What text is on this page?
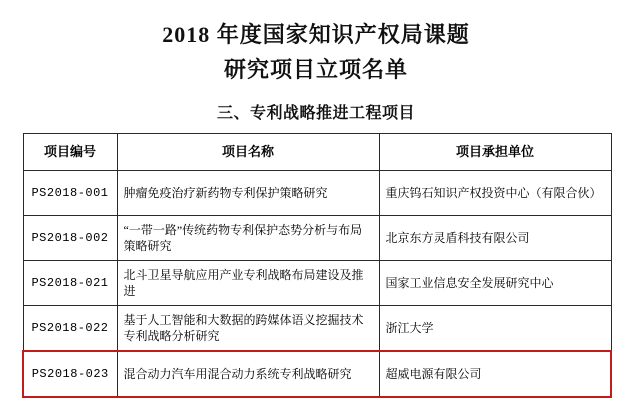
2018 年度国家知识产权局课题
研究项目立项名单
三、专利战略推进工程项目
项目编号	项目名称	项目承担单位
PS2018-001	肿瘤免疫治疗新药物专利保护策略研究	重庆钨石知识产权投资中心（有限合伙）
PS2018-002	“一带一路”传统药物专利保护态势分析与布局策略研究	北京东方灵盾科技有限公司
PS2018-021	北斗卫星导航应用产业专利战略布局建设及推进	国家工业信息安全发展研究中心
PS2018-022	基于人工智能和大数据的跨媒体语义挖掘技术专利战略分析研究	浙江大学
PS2018-023	混合动力汽车用混合动力系统专利战略研究	超威电源有限公司
